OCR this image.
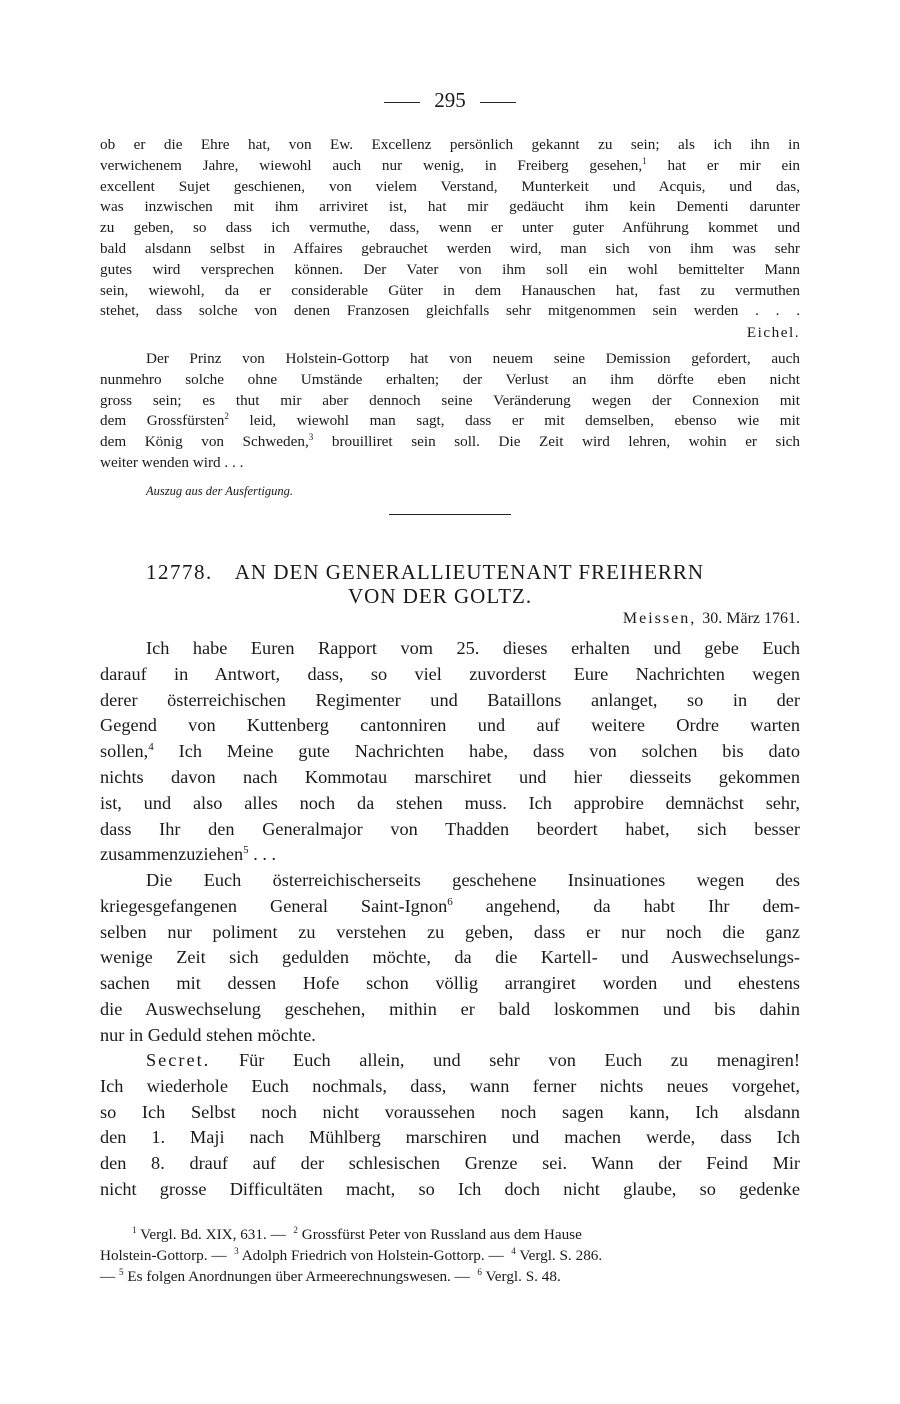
295
ob er die Ehre hat, von Ew. Excellenz persönlich gekannt zu sein; als ich ihn in
verwichenem Jahre, wiewohl auch nur wenig, in Freiberg gesehen,$^1$ hat er mir ein
excellent Sujet geschienen, von vielem Verstand, Munterkeit und Acquis, und das,
was inzwischen mit ihm arriviret ist, hat mir gedäucht ihm kein Dementi darunter
zu geben, so dass ich vermuthe, dass, wenn er unter guter Anführung kommet und
bald alsdann selbst in Affaires gebrauchet werden wird, man sich von ihm was sehr
gutes wird versprechen können. Der Vater von ihm soll ein wohl bemittelter Mann
sein, wiewohl, da er considerable Güter in dem Hanauschen hat, fast zu vermuthen
stehet, dass solche von denen Franzosen gleichfalls sehr mitgenommen sein werden . . .
Eichel.
Der Prinz von Holstein-Gottorp hat von neuem seine Demission gefordert, auch
nunmehro solche ohne Umstände erhalten; der Verlust an ihm dörfte eben nicht
gross sein; es thut mir aber dennoch seine Veränderung wegen der Connexion mit
dem Grossfürsten$^2$ leid, wiewohl man sagt, dass er mit demselben, ebenso wie mit
dem König von Schweden,$^3$ brouilliret sein soll. Die Zeit wird lehren, wohin er sich
weiter wenden wird . . .
Auszug aus der Ausfertigung.
12778. AN DEN GENERALLIEUTENANT FREIHERRN
VON DER GOLTZ.
Meissen, 30. März 1761.
Ich habe Euren Rapport vom 25. dieses erhalten und gebe Euch
darauf in Antwort, dass, so viel zuvorderst Eure Nachrichten wegen
derer österreichischen Regimenter und Bataillons anlanget, so in der
Gegend von Kuttenberg cantonniren und auf weitere Ordre warten
sollen,$^4$ Ich Meine gute Nachrichten habe, dass von solchen bis dato
nichts davon nach Kommotau marschiret und hier diesseits gekommen
ist, und also alles noch da stehen muss. Ich approbire demnächst sehr,
dass Ihr den Generalmajor von Thadden beordert habet, sich besser
zusammenzuziehen$^5$ . . .
Die Euch österreichischerseits geschehene Insinuationes wegen des
kriegesgefangenen General Saint-Ignon$^6$ angehend, da habt Ihr dem-
selben nur poliment zu verstehen zu geben, dass er nur noch die ganz
wenige Zeit sich gedulden möchte, da die Kartell- und Auswechselungs-
sachen mit dessen Hofe schon völlig arrangiret worden und ehestens
die Auswechselung geschehen, mithin er bald loskommen und bis dahin
nur in Geduld stehen möchte.
Secret. Für Euch allein, und sehr von Euch zu menagiren!
Ich wiederhole Euch nochmals, dass, wann ferner nichts neues vorgehet,
so Ich Selbst noch nicht voraussehen noch sagen kann, Ich alsdann
den 1. Maji nach Mühlberg marschiren und machen werde, dass Ich
den 8. drauf auf der schlesischen Grenze sei. Wann der Feind Mir
nicht grosse Difficultäten macht, so Ich doch nicht glaube, so gedenke
$^1$ Vergl. Bd. XIX, 631. — $^2$ Grossfürst Peter von Russland aus dem Hause
Holstein-Gottorp. — $^3$ Adolph Friedrich von Holstein-Gottorp. — $^4$ Vergl. S. 286.
— $^5$ Es folgen Anordnungen über Armeerechnungswesen. — $^6$ Vergl. S. 48.
